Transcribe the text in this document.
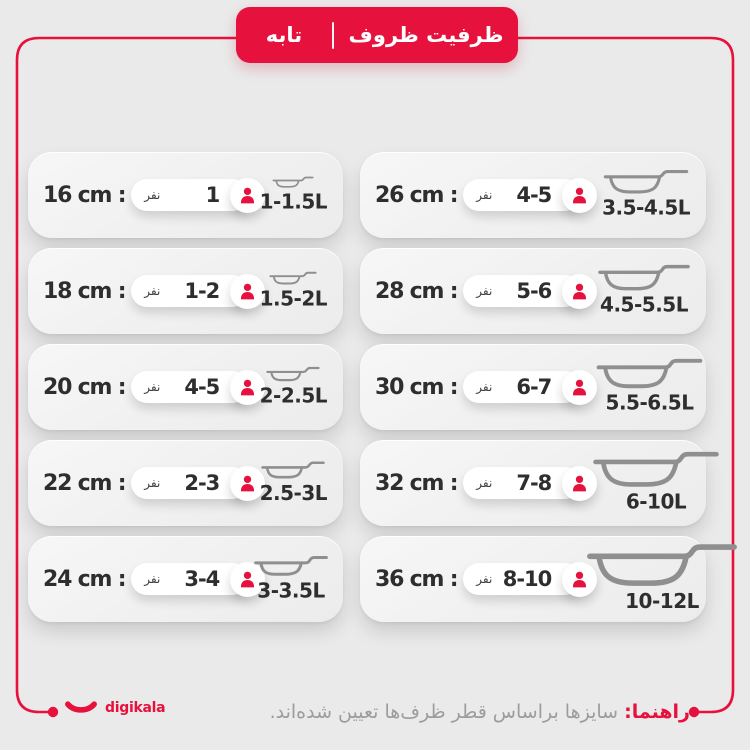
تابه	ظرفیت ظروف
16 cm : نفر 1 1-1.5L
18 cm : نفر 1-2 1.5-2L
20 cm : نفر 4-5 2-2.5L
22 cm : نفر 2-3 2.5-3L
24 cm : نفر 3-4 3-3.5L
26 cm : نفر 4-5
3.5-4.5L
28 cm : نفر 5-6
4.5-5.5L
30 cm : نفر 6-7
5.5-6.5L
32 cm : نفر 7-8
6-10L
36 cm : نفر 8-10
10-12L
digikala	راهنما: سایزها براساس قطر ظرف‌ها تعیین شده‌اند.
